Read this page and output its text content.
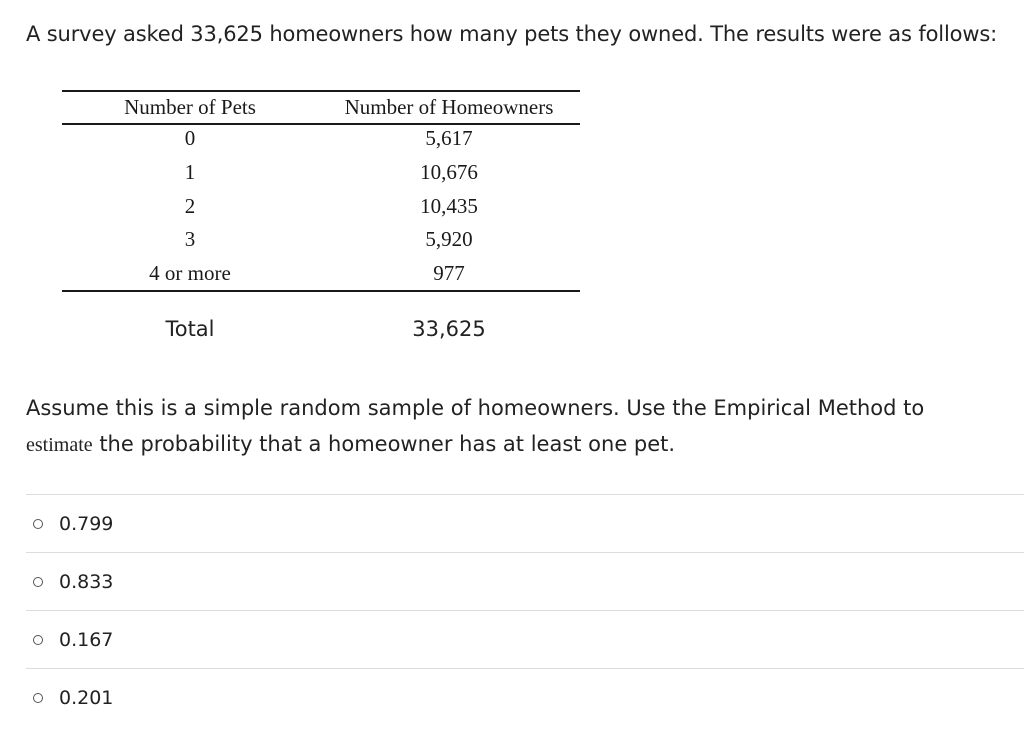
A survey asked 33,625 homeowners how many pets they owned. The results were as follows:
Number of Pets	Number of Homeowners
0	5,617
1	10,676
2	10,435
3	5,920
4 or more	977
Total	33,625
Assume this is a simple random sample of homeowners. Use the Empirical Method to
estimate the probability that a homeowner has at least one pet.
0.799
0.833
0.167
0.201
